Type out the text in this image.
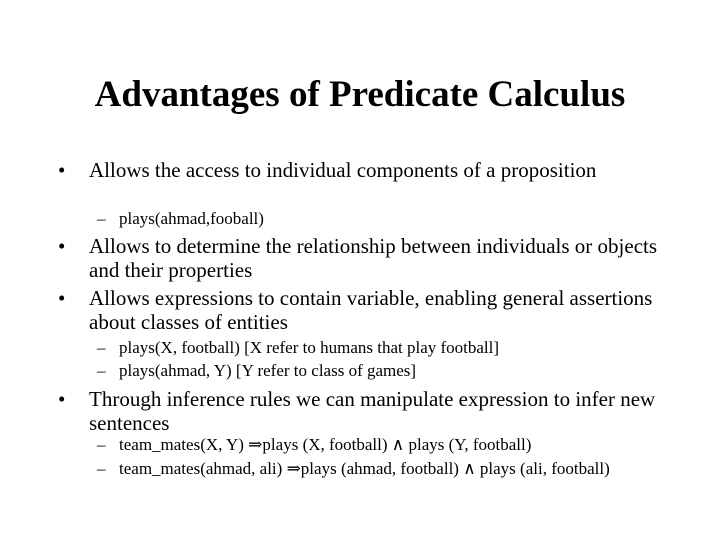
Advantages of Predicate Calculus
• Allows the access to individual components of a proposition
– plays(ahmad,fooball)
• Allows to determine the relationship between individuals or objects and their properties
• Allows expressions to contain variable, enabling general assertions about classes of entities
– plays(X, football) [X refer to humans that play football]
– plays(ahmad, Y) [Y refer to class of games]
• Through inference rules we can manipulate expression to infer new sentences
– team_mates(X, Y) ⇒plays (X, football) ∧ plays (Y, football)
– team_mates(ahmad, ali) ⇒plays (ahmad, football) ∧ plays (ali, football)
